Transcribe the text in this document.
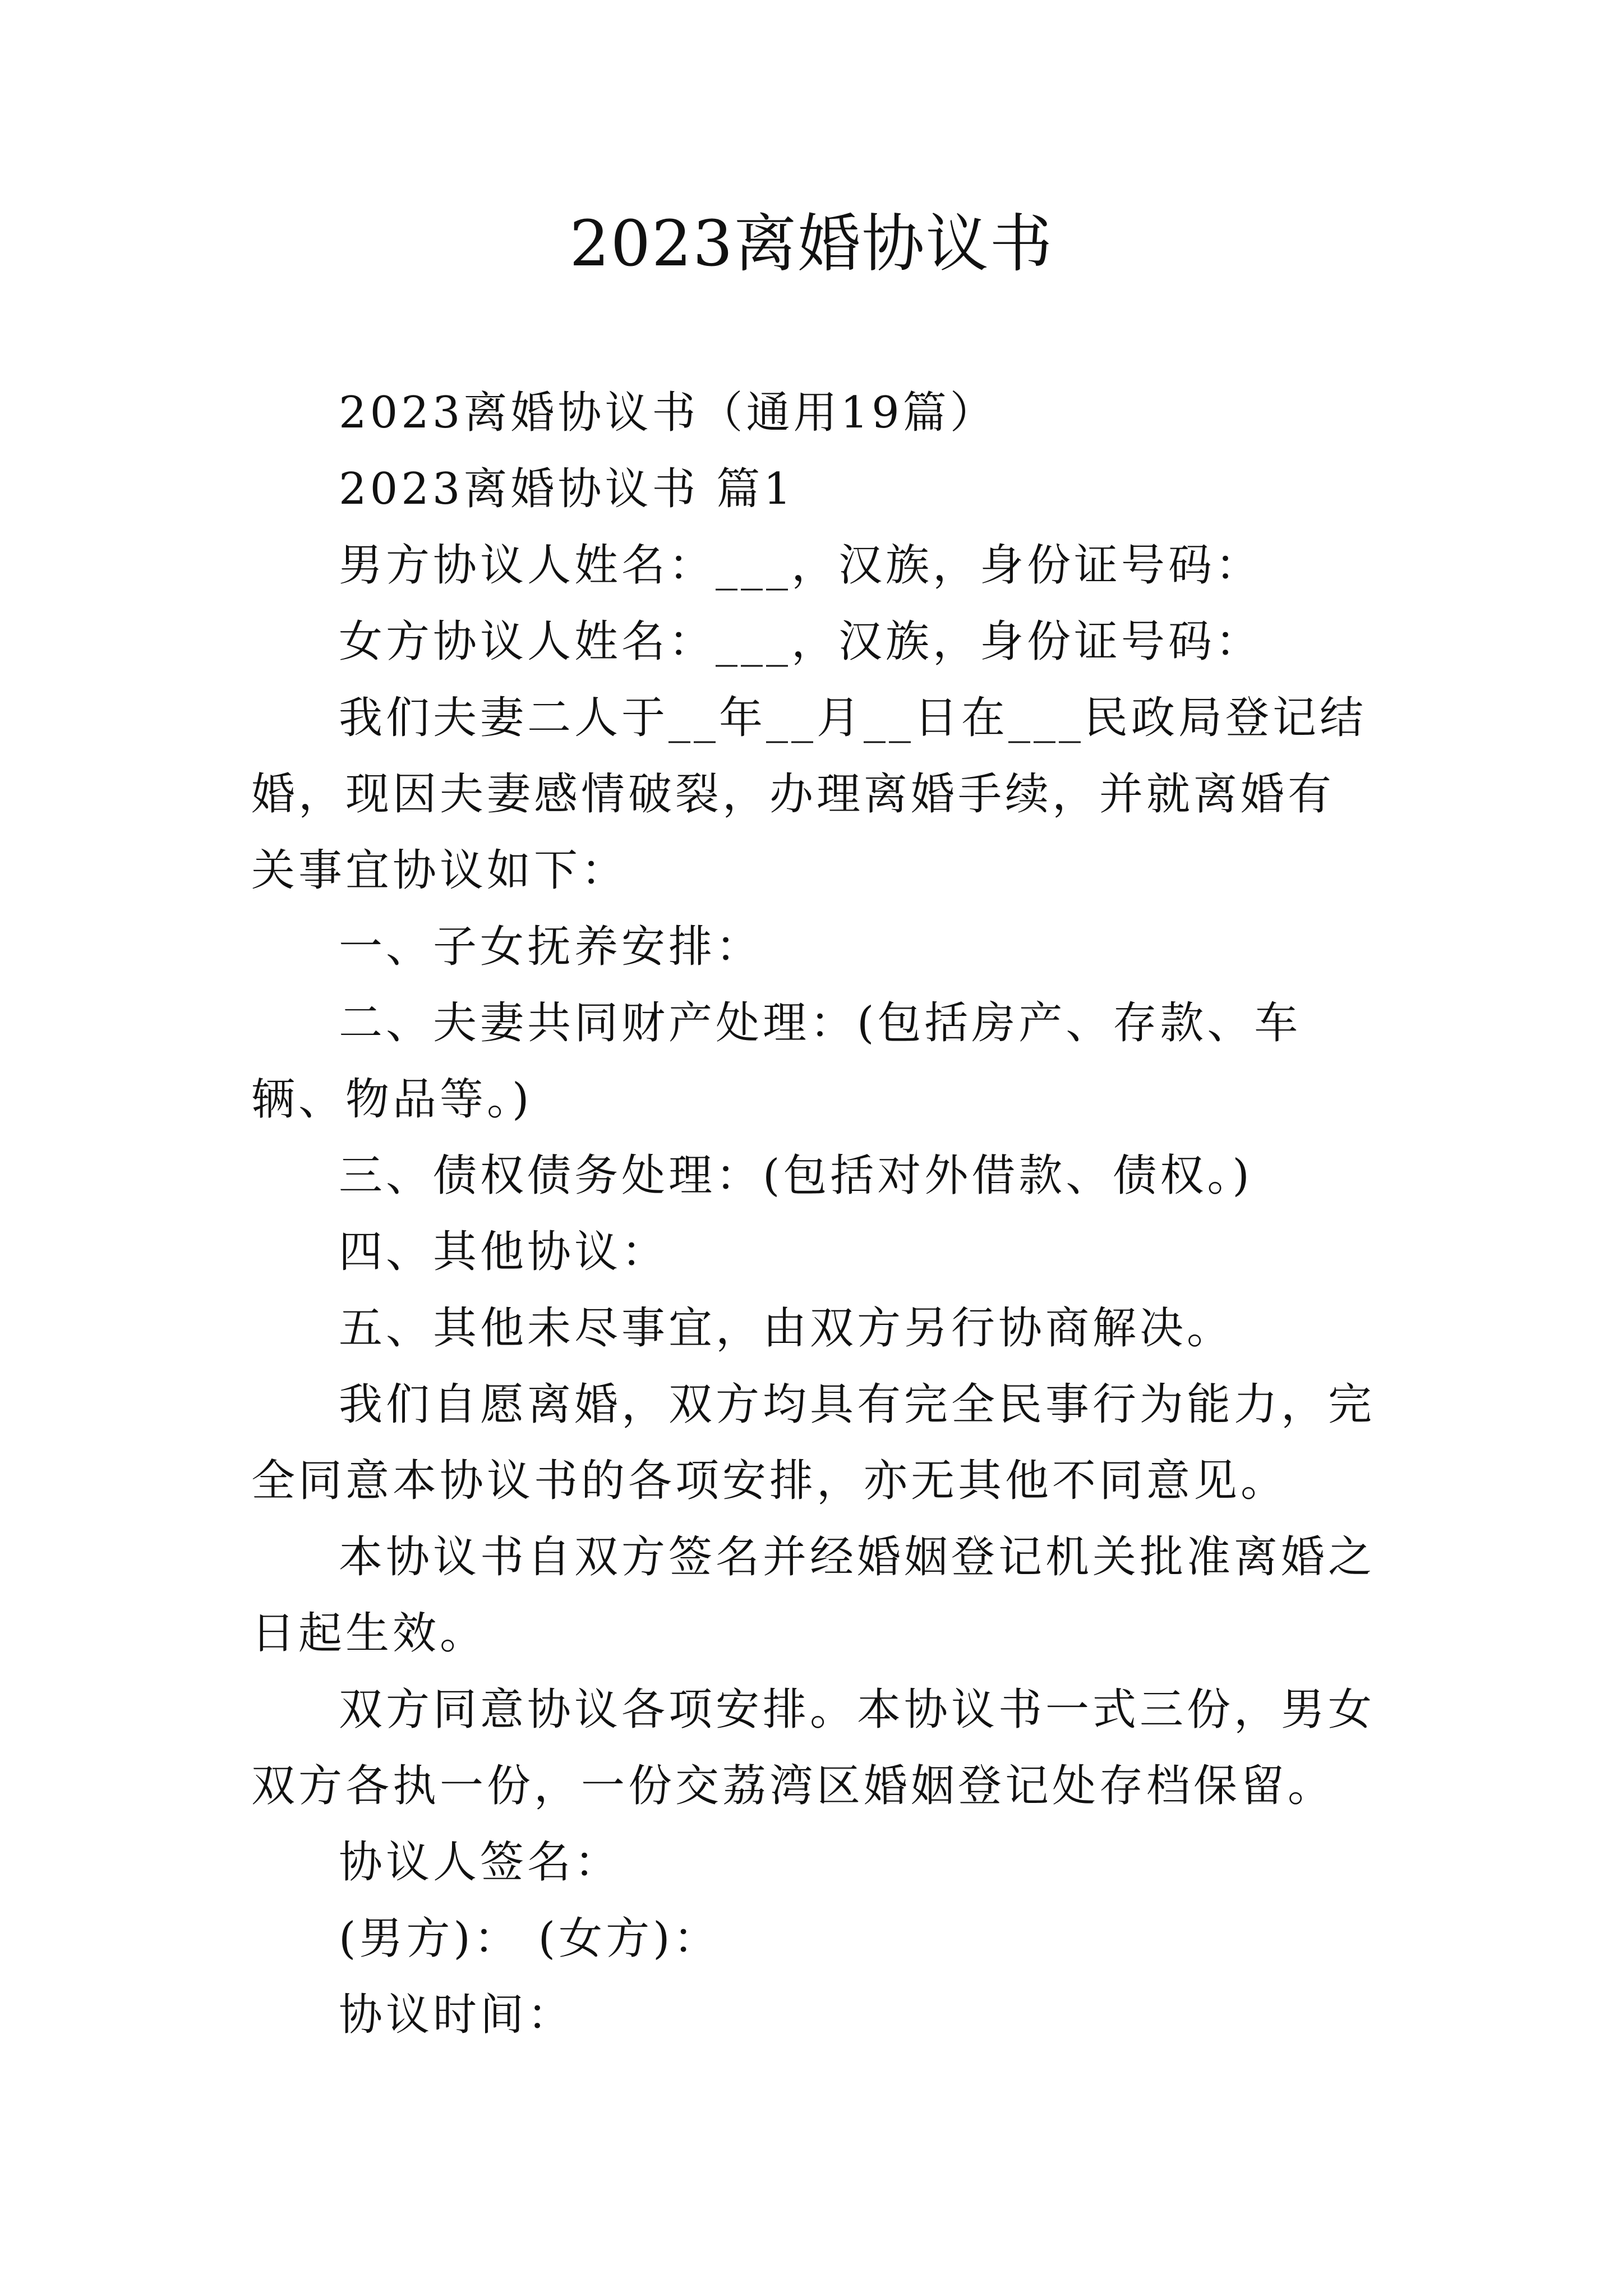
2023离婚协议书

2023离婚协议书（通用19篇）

2023离婚协议书 篇1

男方协议人姓名：___，汉族，身份证号码：

女方协议人姓名：___，汉族，身份证号码：

我们夫妻二人于__年__月__日在___民政局登记结婚，现因夫妻感情破裂，办理离婚手续，并就离婚有关事宜协议如下：

一、子女抚养安排：

二、夫妻共同财产处理：(包括房产、存款、车辆、物品等。)

三、债权债务处理：(包括对外借款、债权。)

四、其他协议：

五、其他未尽事宜，由双方另行协商解决。

我们自愿离婚，双方均具有完全民事行为能力，完全同意本协议书的各项安排，亦无其他不同意见。

本协议书自双方签名并经婚姻登记机关批准离婚之日起生效。

双方同意协议各项安排。本协议书一式三份，男女双方各执一份，一份交荔湾区婚姻登记处存档保留。

协议人签名：

(男方)： (女方)：

协议时间：
